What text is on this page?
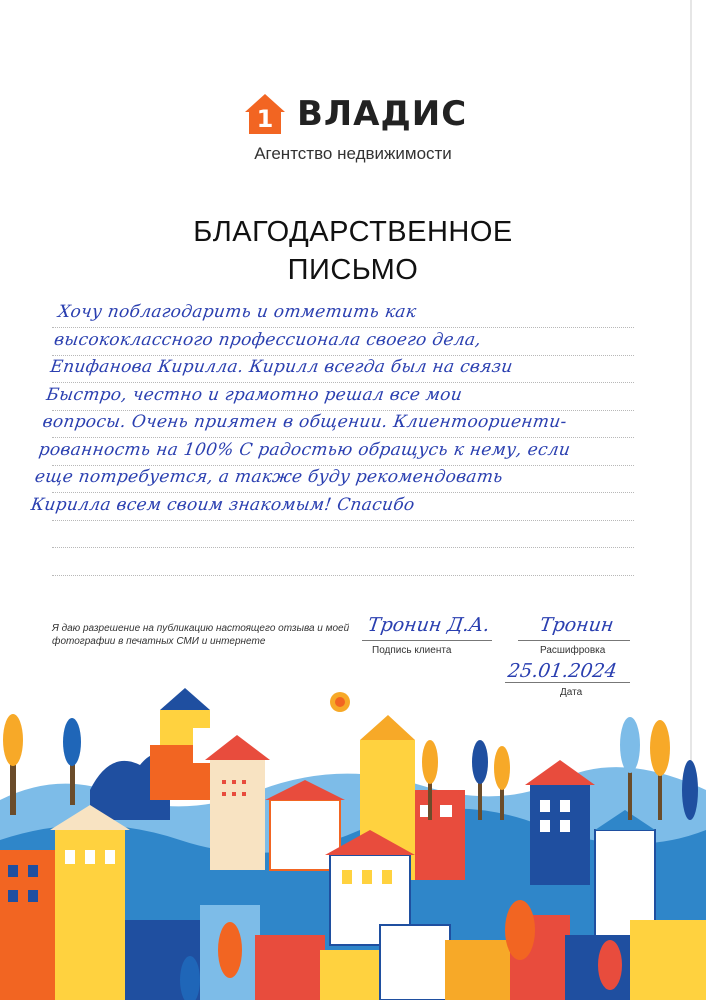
1 ВЛАДИС
Агентство недвижимости
БЛАГОДАРСТВЕННОЕ
ПИСЬМО

Хочу поблагодарить и отметить как

высококлассного профессионала своего дела,

Епифанова Кирилла. Кирилл всегда был на связи

Быстро, честно и грамотно решал все мои

вопросы. Очень приятен в общении. Клиентоориенти-

рованность на 100% С радостью обращусь к нему, если

еще потребуется, а также буду рекомендовать

Кирилла всем своим знакомым! Спасибо

Я даю разрешение на публикацию настоящего отзыва и моей фотографии в печатных СМИ и интернете
Тронин Д.А.
Подпись клиента
Тронин
Расшифровка
25.01.2024
Дата
